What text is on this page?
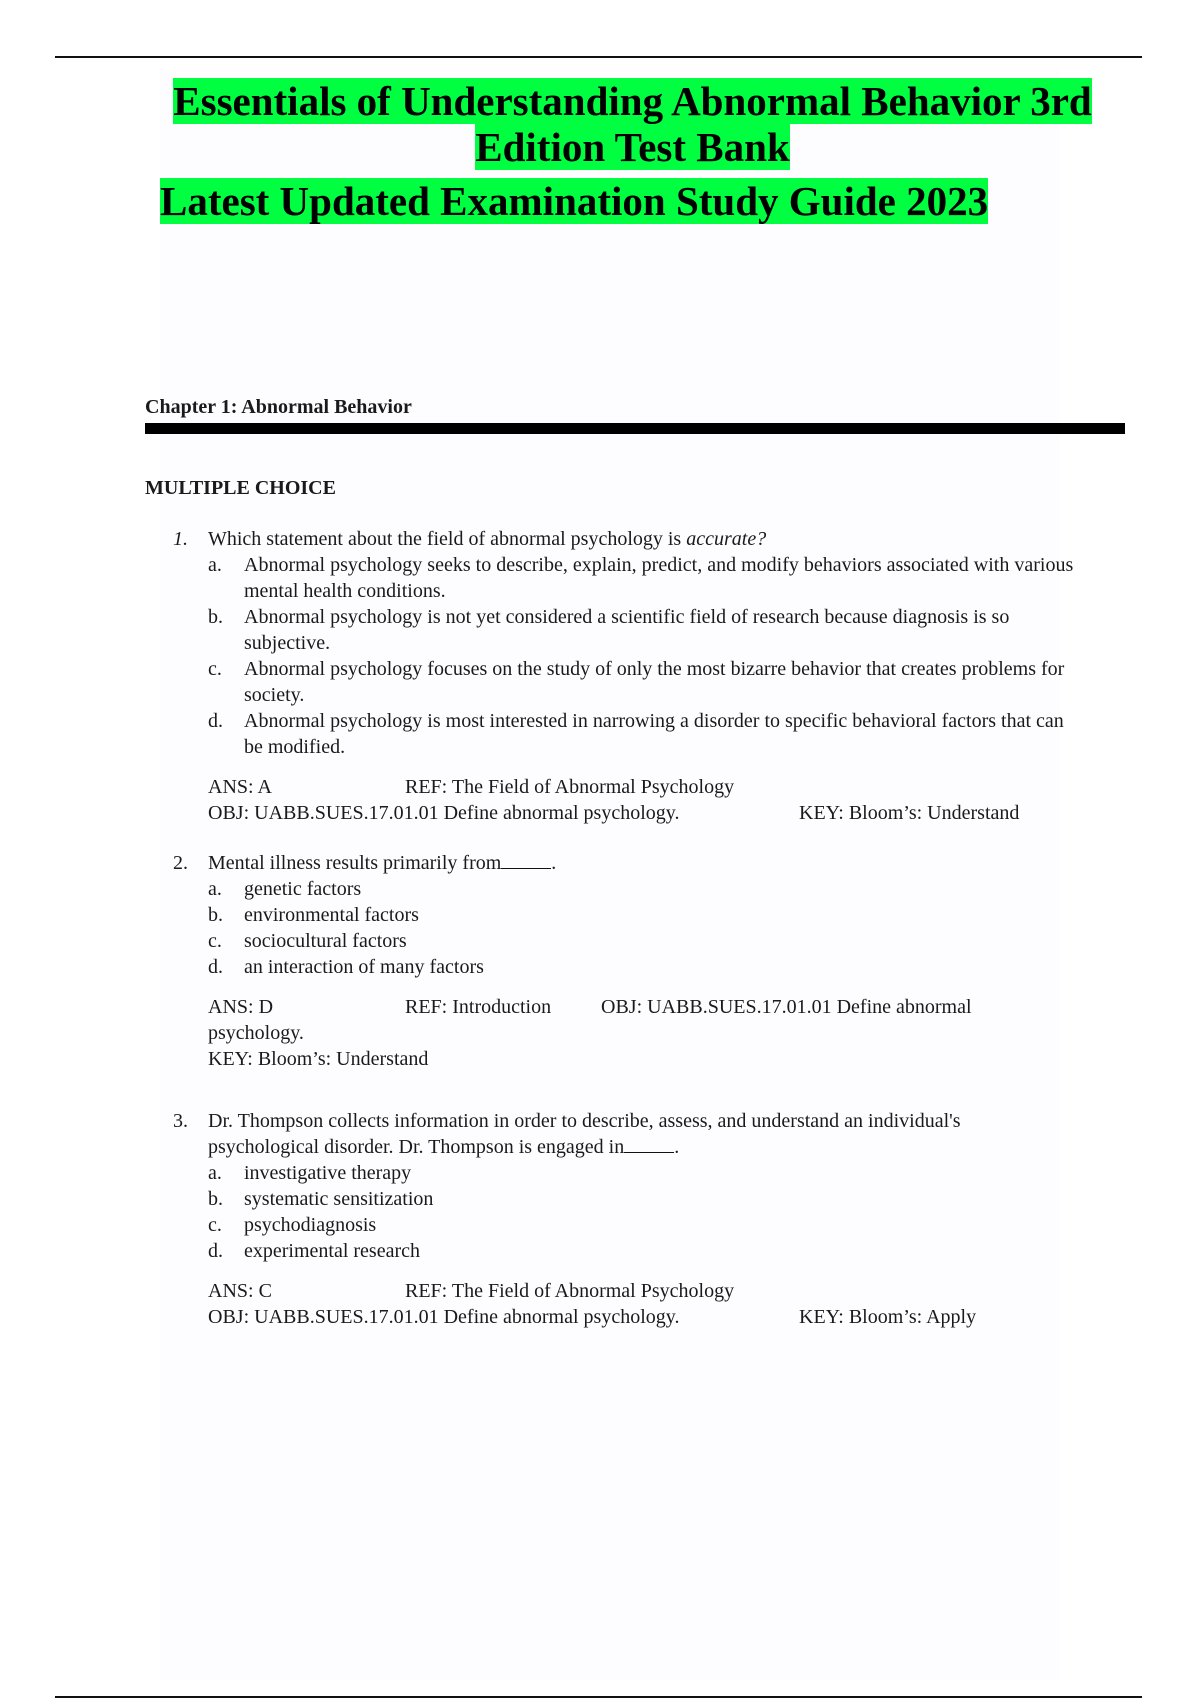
Essentials of Understanding Abnormal Behavior 3rd Edition Test Bank
Latest Updated Examination Study Guide 2023
Chapter 1: Abnormal Behavior
MULTIPLE CHOICE
1.	Which statement about the field of abnormal psychology is accurate?
a.	Abnormal psychology seeks to describe, explain, predict, and modify behaviors associated with various mental health conditions.
b.	Abnormal psychology is not yet considered a scientific field of research because diagnosis is so subjective.
c.	Abnormal psychology focuses on the study of only the most bizarre behavior that creates problems for society.
d.	Abnormal psychology is most interested in narrowing a disorder to specific behavioral factors that can be modified.
ANS: A	REF: The Field of Abnormal Psychology
OBJ: UABB.SUES.17.01.01 Define abnormal psychology.	KEY: Bloom’s: Understand
2.	Mental illness results primarily from	.
a.	genetic factors
b.	environmental factors
c.	sociocultural factors
d.	an interaction of many factors
ANS: D	REF: Introduction OBJ: UABB.SUES.17.01.01 Define abnormal
psychology.
KEY: Bloom’s: Understand
3.	Dr. Thompson collects information in order to describe, assess, and understand an individual's psychological disorder. Dr. Thompson is engaged in	.
a.	investigative therapy
b.	systematic sensitization
c.	psychodiagnosis
d.	experimental research
ANS: C	REF: The Field of Abnormal Psychology
OBJ: UABB.SUES.17.01.01 Define abnormal psychology.	KEY: Bloom’s: Apply
